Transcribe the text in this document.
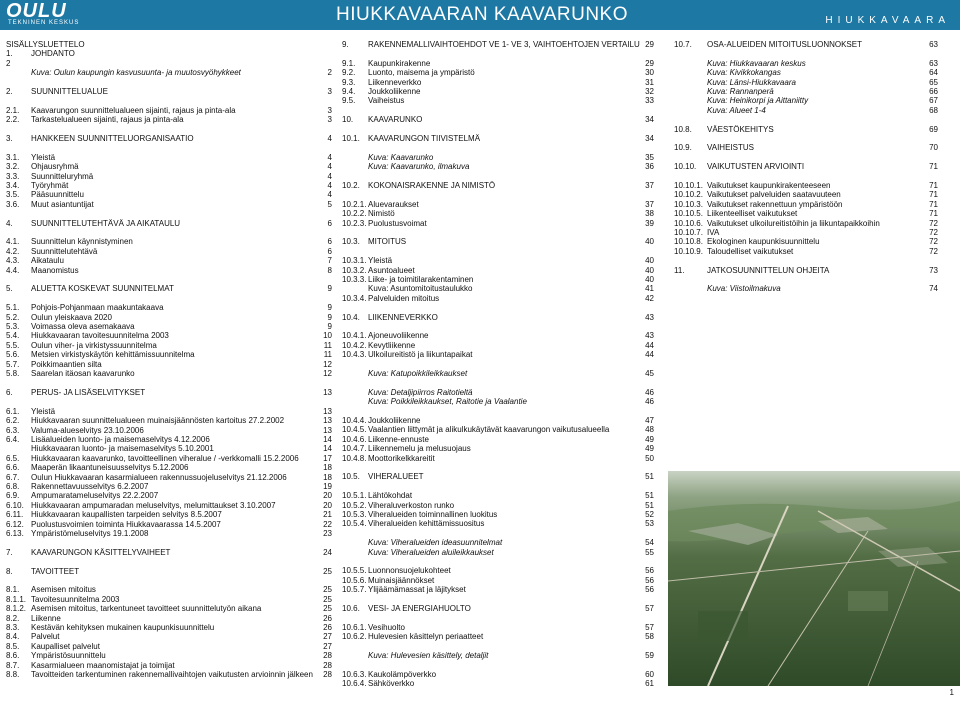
OULU
TEKNINEN KESKUS	HIUKKAVAARAN KAAVARUNKO	HIUKKAVAARA
SISÄLLYSLUETTELO
1.	JOHDANTO
2
Kuva: Oulun kaupungin kasvusuunta- ja muutosvyöhykkeet	2
2.	SUUNNITTELUALUE	3
2.1.	Kaavarungon suunnittelualueen sijainti, rajaus ja pinta-ala	3
2.2.	Tarkastelualueen sijainti, rajaus ja pinta-ala	3
3.	HANKKEEN SUUNNITTELUORGANISAATIO	4
3.1.	Yleistä	4
3.2.	Ohjausryhmä	4
3.3.	Suunnitteluryhmä	4
3.4.	Työryhmät	4
3.5.	Pääsuunnittelu	4
3.6.	Muut asiantuntijat	5
4.	SUUNNITTELUTEHTÄVÄ JA AIKATAULU	6
4.1.	Suunnittelun käynnistyminen	6
4.2.	Suunnittelutehtävä	6
4.3.	Aikataulu	7
4.4.	Maanomistus	8
5.	ALUETTA KOSKEVAT SUUNNITELMAT	9
5.1.	Pohjois-Pohjanmaan maakuntakaava	9
5.2.	Oulun yleiskaava 2020	9
5.3.	Voimassa oleva asemakaava	9
5.4.	Hiukkavaaran tavoitesuunnitelma 2003	10
5.5.	Oulun viher- ja virkistyssuunnitelma	11
5.6.	Metsien virkistyskäytön kehittämissuunnitelma	11
5.7.	Poikkimaantien silta	12
5.8.	Saarelan itäosan kaavarunko	12
6.	PERUS- JA LISÄSELVITYKSET	13
6.1.	Yleistä	13
6.2.	Hiukkavaaran suunnittelualueen muinaisjäännösten kartoitus 27.2.2002	13
6.3.	Valuma-alueselvitys 23.10.2006	13
6.4.	Lisäalueiden luonto- ja maisemaselvitys 4.12.2006	14
Hiukkavaaran luonto- ja maisemaselvitys 5.10.2001	14
6.5.	Hiukkavaaran kaavarunko, tavoitteellinen viheralue / -verkkomalli 15.2.2006	17
6.6.	Maaperän likaantuneisuusselvitys 5.12.2006	18
6.7.	Oulun Hiukkavaaran kasarmialueen rakennussuojeluselvitys 21.12.2006	18
6.8.	Rakennettavuusselvitys 6.2.2007	19
6.9.	Ampumaratameluselvitys 22.2.2007	20
6.10. Hiukkavaaran ampumaradan meluselvitys, melumittaukset 3.10.2007	20
6.11. Hiukkavaaran kaupallisten tarpeiden selvitys 8.5.2007	21
6.12. Puolustusvoimien toiminta Hiukkavaarassa 14.5.2007	22
6.13. Ympäristömeluselvitys 19.1.2008	23
7.	KAAVARUNGON KÄSITTELYVAIHEET	24
8.	TAVOITTEET	25
8.1.	Asemisen mitoitus	25
8.1.1. Tavoitesuunnitelma 2003	25
8.1.2. Asemisen mitoitus, tarkentuneet tavoitteet suunnittelutyön aikana	25
8.2.	Liikenne	26
8.3.	Kestävän kehityksen mukainen kaupunkisuunnittelu	26
8.4.	Palvelut	27
8.5.	Kaupalliset palvelut	27
8.6.	Ympäristösuunnittelu	28
8.7.	Kasarmialueen maanomistajat ja toimijat	28
8.8.	Tavoitteiden tarkentuminen rakennemallivaihtojen vaikutusten arvioinnin jälkeen	28
9.	RAKENNEMALLIVAIHTOEHDOT VE 1- VE 3, VAIHTOEHTOJEN VERTAILU 29
9.1.	Kaupunkirakenne	29
9.2.	Luonto, maisema ja ympäristö	30
9.3.	Liikenneverkko	31
9.4.	Joukkoliikenne	32
9.5.	Vaiheistus	33
10.	KAAVARUNKO	34
10.1.	KAAVARUNGON TIIVISTELMÄ	34
Kuva: Kaavarunko	35
Kuva: Kaavarunko, ilmakuva	36
10.2.	KOKONAISRAKENNE JA NIMISTÖ	37
10.2.1. Aluevaraukset	37
10.2.2. Nimistö	38
10.2.3. Puolustusvoimat	39
10.3.	MITOITUS	40
10.3.1. Yleistä	40
10.3.2. Asuntoalueet	40
10.3.3. Liike- ja toimitilarakentaminen	40
Kuva: Asuntomitoitustaulukko	41
10.3.4. Palveluiden mitoitus	42
10.4.	LIIKENNEVERKKO	43
10.4.1. Ajoneuvoliikenne	43
10.4.2. Kevytliikenne	44
10.4.3. Ulkoilureitistö ja liikuntapaikat	44
Kuva: Katupoikkileikkaukset	45
Kuva: Detaljipiirros Raitotieltä	46
Kuva: Poikkileikkaukset, Raitotie ja Vaalantie	46
10.4.4. Joukkoliikenne	47
10.4.5. Vaalantien liittymät ja alikulkukäytävät kaavarungon vaikutusalueella	48
10.4.6. Liikenne-ennuste	49
10.4.7. Liikennemelu ja melusuojaus	49
10.4.8. Moottorikelkkareitit	50
10.5.	VIHERALUEET	51
10.5.1. Lähtökohdat	51
10.5.2. Viheraluverkoston runko	51
10.5.3. Viheralueiden toiminnallinen luokitus	52
10.5.4. Viheralueiden kehittämissuositus	53
Kuva: Viheralueiden ideasuunnitelmat	54
Kuva: Viheralueiden aluileikkaukset	55
10.5.5. Luonnonsuojelukohteet	56
10.5.6. Muinaisjäännökset	56
10.5.7. Ylijäämämassat ja läjitykset	56
10.6.	VESI- JA ENERGIAHUOLTO	57
10.6.1. Vesihuolto	57
10.6.2. Hulevesien käsittelyn periaatteet	58
Kuva: Hulevesien käsittely, detaljit	59
10.6.3. Kaukolämpöverkko	60
10.6.4. Sähköverkko	61
10.7.	OSA-ALUEIDEN MITOITUSLUONNOKSET	63
Kuva: Hiukkavaaran keskus	63
Kuva: Kivikkokangas	64
Kuva: Länsi-Hiukkavaara	65
Kuva: Rannanperä	66
Kuva: Heinikorpi ja Aittaniitty	67
Kuva: Alueet 1-4	68
10.8.	VÄESTÖKEHITYS	69
10.9.	VAIHEISTUS	70
10.10.	VAIKUTUSTEN ARVIOINTI	71
10.10.1. Vaikutukset kaupunkirakenteeseen	71
10.10.2. Vaikutukset palveluiden saatavuuteen	71
10.10.3. Vaikutukset rakennettuun ympäristöön	71
10.10.5. Liikenteelliset vaikutukset	71
10.10.6. Vaikutukset ulkoilureitistöihin ja liikuntapaikkoihin	72
10.10.7. IVA	72
10.10.8. Ekologinen kaupunkisuunnittelu	72
10.10.9. Taloudelliset vaikutukset	72
11.	JATKOSUUNNITTELUN OHJEITA	73
Kuva: Viistoilmakuva	74
1
